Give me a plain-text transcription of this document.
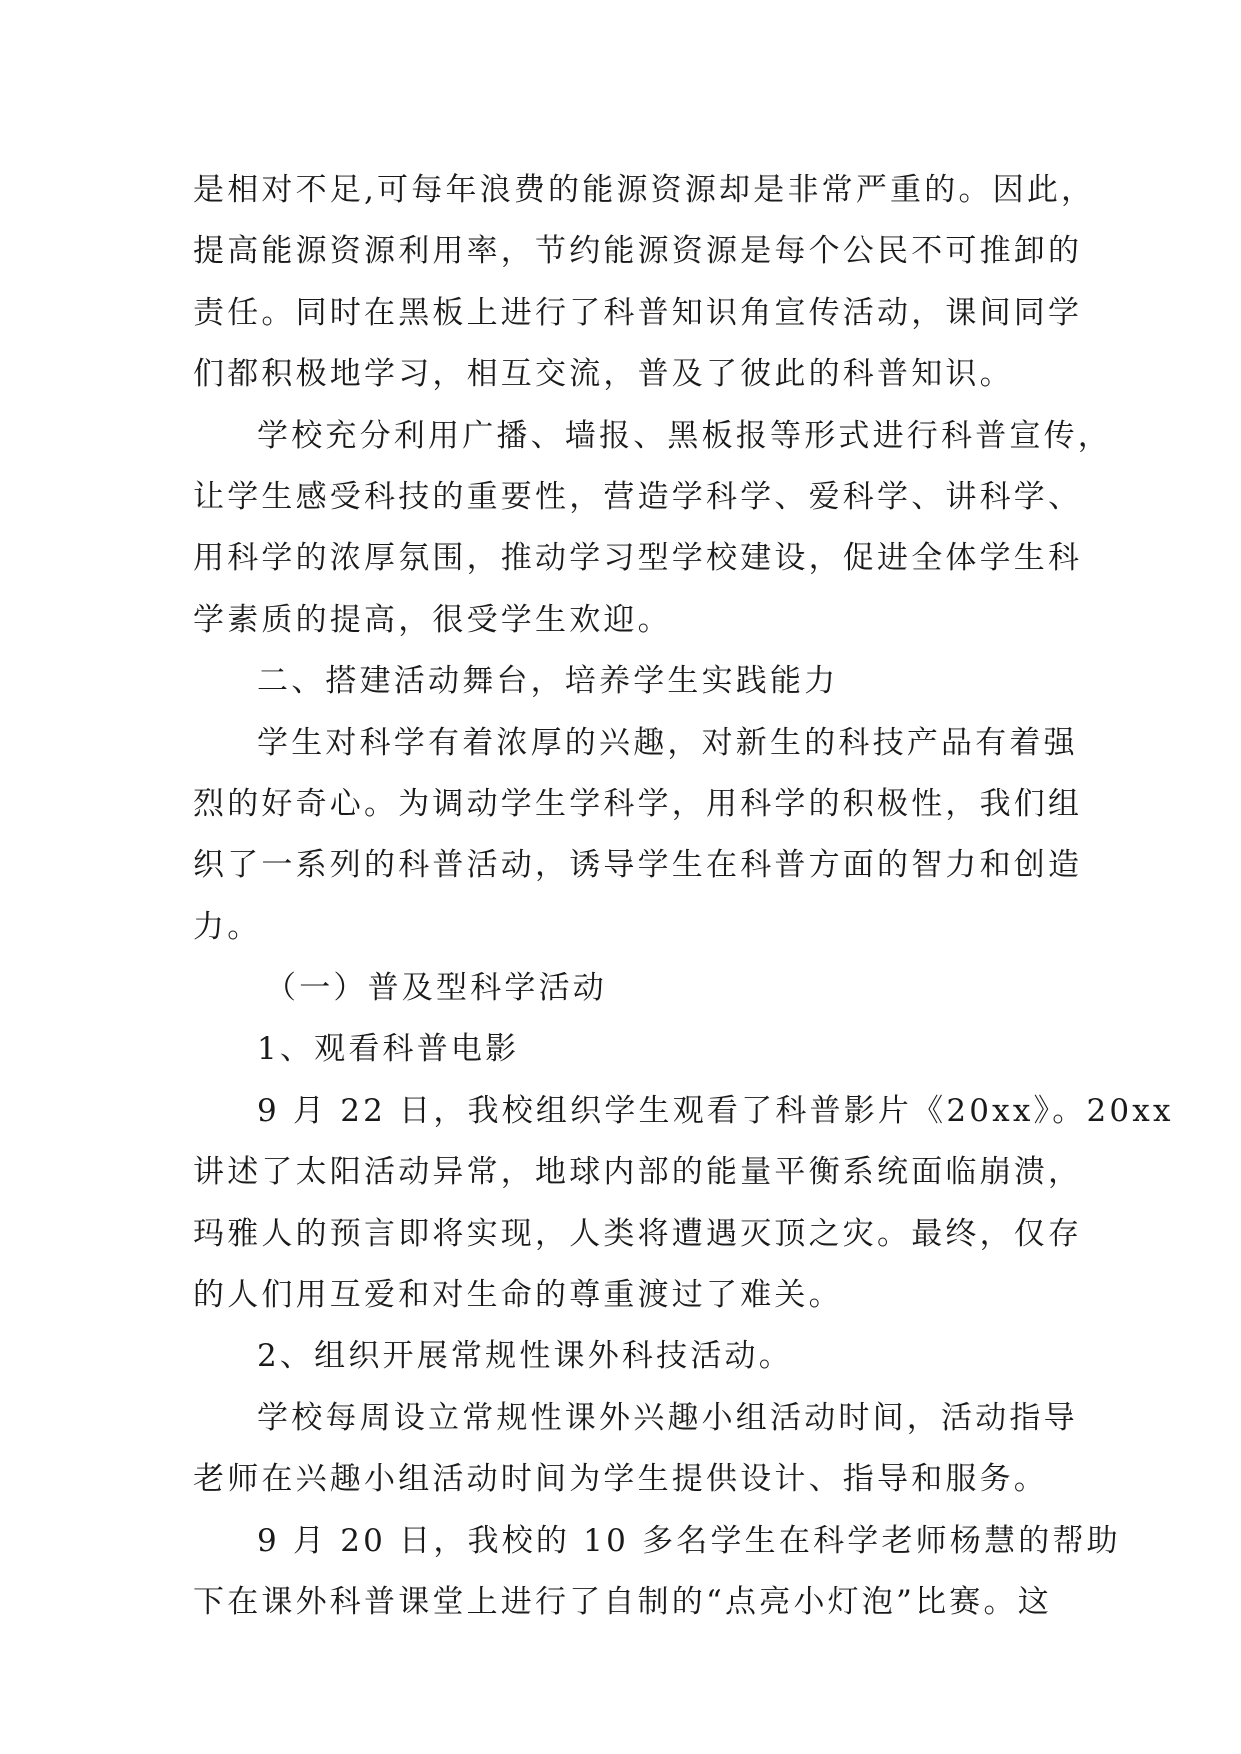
是相对不足,可每年浪费的能源资源却是非常严重的。因此，
提高能源资源利用率，节约能源资源是每个公民不可推卸的
责任。同时在黑板上进行了科普知识角宣传活动，课间同学
们都积极地学习，相互交流，普及了彼此的科普知识。
学校充分利用广播、墙报、黑板报等形式进行科普宣传，
让学生感受科技的重要性，营造学科学、爱科学、讲科学、
用科学的浓厚氛围，推动学习型学校建设，促进全体学生科
学素质的提高，很受学生欢迎。
二、搭建活动舞台，培养学生实践能力
学生对科学有着浓厚的兴趣，对新生的科技产品有着强
烈的好奇心。为调动学生学科学，用科学的积极性，我们组
织了一系列的科普活动，诱导学生在科普方面的智力和创造
力。
（一）普及型科学活动
1、观看科普电影
9 月 22 日，我校组织学生观看了科普影片《20xx》。20xx
讲述了太阳活动异常，地球内部的能量平衡系统面临崩溃，
玛雅人的预言即将实现，人类将遭遇灭顶之灾。最终，仅存
的人们用互爱和对生命的尊重渡过了难关。
2、组织开展常规性课外科技活动。
学校每周设立常规性课外兴趣小组活动时间，活动指导
老师在兴趣小组活动时间为学生提供设计、指导和服务。
9 月 20 日，我校的 10 多名学生在科学老师杨慧的帮助
下在课外科普课堂上进行了自制的“点亮小灯泡”比赛。这
